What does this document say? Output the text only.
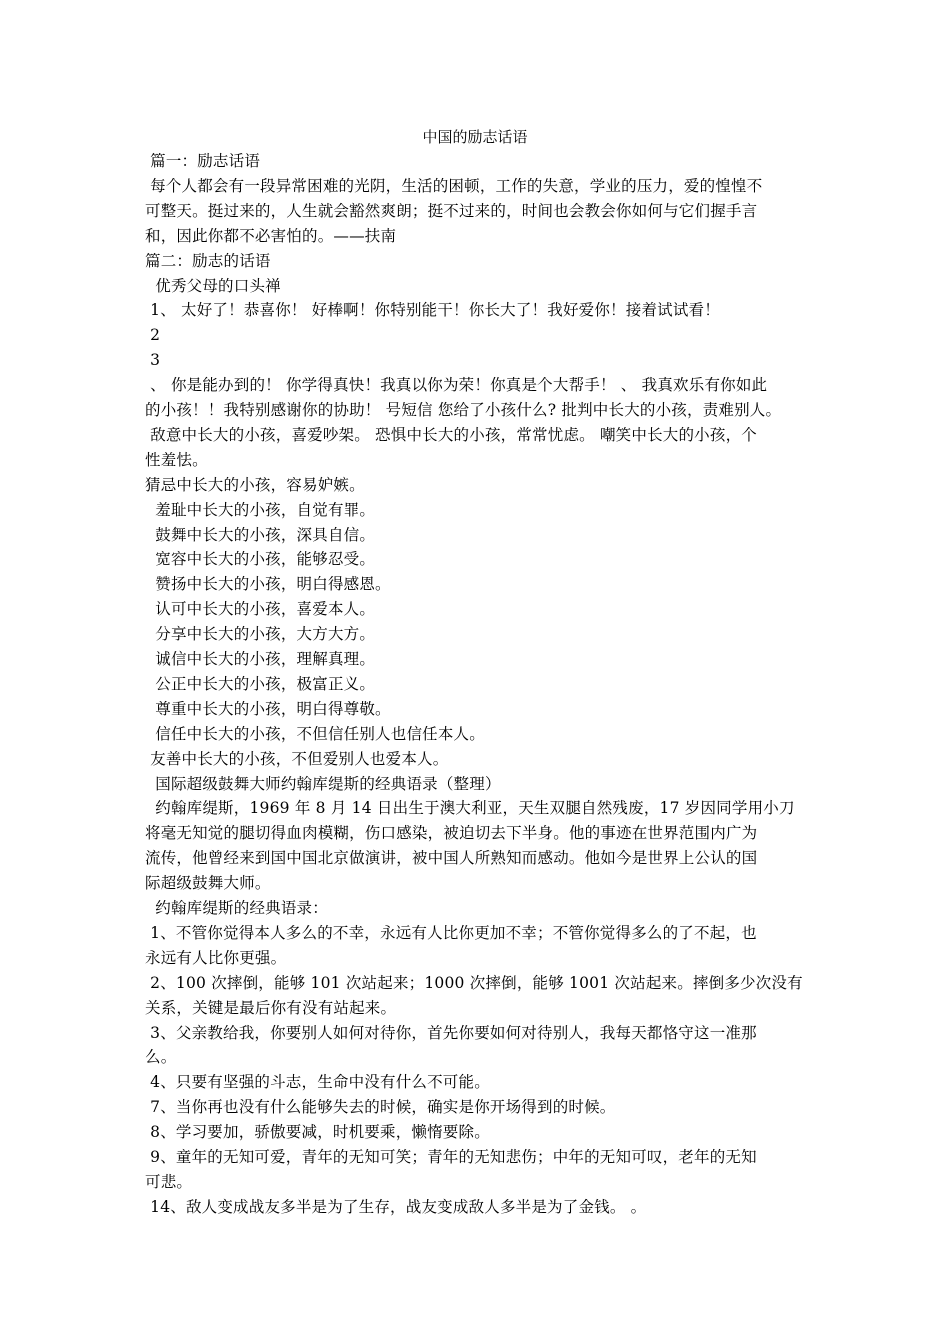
中国的励志话语
篇一：励志话语
每个人都会有一段异常困难的光阴，生活的困顿，工作的失意，学业的压力，爱的惶惶不
可整天。挺过来的，人生就会豁然爽朗；挺不过来的，时间也会教会你如何与它们握手言
和，因此你都不必害怕的。——扶南
篇二：励志的话语
优秀父母的口头禅
1、 太好了！恭喜你！ 好棒啊！你特别能干！你长大了！我好爱你！接着试试看！
2
3
、 你是能办到的！ 你学得真快！我真以你为荣！你真是个大帮手！ 、 我真欢乐有你如此
的小孩！！我特别感谢你的协助！ 号短信 您给了小孩什么? 批判中长大的小孩，责难别人。
敌意中长大的小孩，喜爱吵架。 恐惧中长大的小孩，常常忧虑。 嘲笑中长大的小孩，个
性羞怯。
猜忌中长大的小孩，容易妒嫉。
羞耻中长大的小孩，自觉有罪。
鼓舞中长大的小孩，深具自信。
宽容中长大的小孩，能够忍受。
赞扬中长大的小孩，明白得感恩。
认可中长大的小孩，喜爱本人。
分享中长大的小孩，大方大方。
诚信中长大的小孩，理解真理。
公正中长大的小孩，极富正义。
尊重中长大的小孩，明白得尊敬。
信任中长大的小孩，不但信任别人也信任本人。
友善中长大的小孩，不但爱别人也爱本人。
国际超级鼓舞大师约翰库缇斯的经典语录（整理）
约翰库缇斯，1969 年 8 月 14 日出生于澳大利亚，天生双腿自然残废，17 岁因同学用小刀
将毫无知觉的腿切得血肉模糊，伤口感染，被迫切去下半身。他的事迹在世界范围内广为
流传，他曾经来到国中国北京做演讲，被中国人所熟知而感动。他如今是世界上公认的国
际超级鼓舞大师。
约翰库缇斯的经典语录：
1、不管你觉得本人多么的不幸，永远有人比你更加不幸；不管你觉得多么的了不起，也
永远有人比你更强。
2、100 次摔倒，能够 101 次站起来；1000 次摔倒，能够 1001 次站起来。摔倒多少次没有
关系，关键是最后你有没有站起来。
3、父亲教给我，你要别人如何对待你，首先你要如何对待别人，我每天都恪守这一准那
么。
4、只要有坚强的斗志，生命中没有什么不可能。
7、当你再也没有什么能够失去的时候，确实是你开场得到的时候。
8、学习要加，骄傲要减，时机要乘，懒惰要除。
9、童年的无知可爱，青年的无知可笑；青年的无知悲伤；中年的无知可叹，老年的无知
可悲。
14、敌人变成战友多半是为了生存，战友变成敌人多半是为了金钱。 。
